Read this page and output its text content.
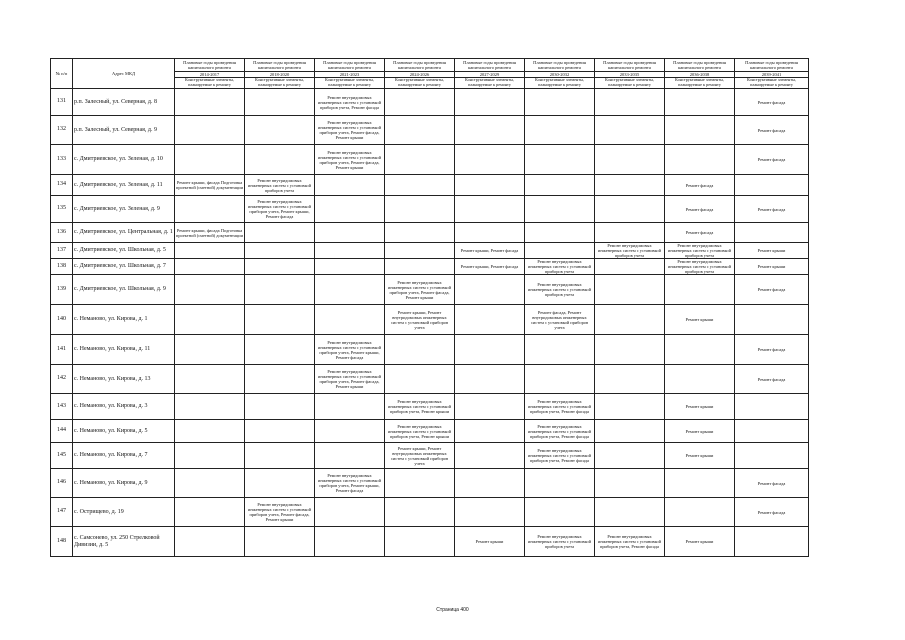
№ п/п	Адрес МКД	Плановые годы проведения капитального ремонта	Плановые годы проведения капитального ремонта	Плановые годы проведения капитального ремонта	Плановые годы проведения капитального ремонта	Плановые годы проведения капитального ремонта	Плановые годы проведения капитального ремонта	Плановые годы проведения капитального ремонта	Плановые годы проведения капитального ремонта	Плановые годы проведения капитального ремонта
		2014-2017	2018-2020	2021-2023	2024-2026	2027-2029	2030-2032	2033-2035	2036-2038	2039-2041
		Конструктивные элементы, планируемые к ремонту	Конструктивные элементы, планируемые к ремонту	Конструктивные элементы, планируемые к ремонту	Конструктивные элементы, планируемые к ремонту	Конструктивные элементы, планируемые к ремонту	Конструктивные элементы, планируемые к ремонту	Конструктивные элементы, планируемые к ремонту	Конструктивные элементы, планируемые к ремонту	Конструктивные элементы, планируемые к ремонту
131	р.п. Залесный, ул. Северная, д. 8			Ремонт внутридомовых инженерных систем с установкой приборов учета, Ремонт фасада						Ремонт фасада
132	р.п. Залесный, ул. Северная, д. 9			Ремонт внутридомовых инженерных систем с установкой приборов учета, Ремонт фасада, Ремонт крыши						Ремонт фасада
133	с. Дмитриевское, ул. Зеленая, д. 10			Ремонт внутридомовых инженерных систем с установкой приборов учета, Ремонт фасада, Ремонт крыши						Ремонт фасада
134	с. Дмитриевское, ул. Зеленая, д. 11	Ремонт крыши, фасада Подготовка проектной (сметной) документации	Ремонт внутридомовых инженерных систем с установкой приборов учета						Ремонт фасада	
135	с. Дмитриевское, ул. Зеленая, д. 9		Ремонт внутридомовых инженерных систем с установкой приборов учета, Ремонт крыши, Ремонт фасада						Ремонт фасада	Ремонт фасада
136	с. Дмитриевское, ул. Центральная, д. 1	Ремонт крыши, фасада Подготовка проектной (сметной) документации							Ремонт фасада	
137	с. Дмитриевское, ул. Школьная, д. 5					Ремонт крыши, Ремонт фасада		Ремонт внутридомовых инженерных систем с установкой приборов учета	Ремонт внутридомовых инженерных систем с установкой приборов учета	Ремонт крыши
138	с. Дмитриевское, ул. Школьная, д. 7					Ремонт крыши, Ремонт фасада	Ремонт внутридомовых инженерных систем с установкой приборов учета		Ремонт внутридомовых инженерных систем с установкой приборов учета	Ремонт крыши
139	с. Дмитриевское, ул. Школьная, д. 9				Ремонт внутридомовых инженерных систем с установкой приборов учета, Ремонт фасада, Ремонт крыши		Ремонт внутридомовых инженерных систем с установкой приборов учета			Ремонт фасада
140	с. Неманово, ул. Кирова, д. 1				Ремонт крыши, Ремонт внутридомовых инженерных систем с установкой приборов учета		Ремонт фасада, Ремонт внутридомовых инженерных систем с установкой приборов учета		Ремонт крыши	
141	с. Неманово, ул. Кирова, д. 11			Ремонт внутридомовых инженерных систем с установкой приборов учета, Ремонт крыши, Ремонт фасада						Ремонт фасада
142	с. Неманово, ул. Кирова, д. 13			Ремонт внутридомовых инженерных систем с установкой приборов учета, Ремонт фасада, Ремонт крыши						Ремонт фасада
143	с. Неманово, ул. Кирова, д. 3				Ремонт внутридомовых инженерных систем с установкой приборов учета, Ремонт крыши		Ремонт внутридомовых инженерных систем с установкой приборов учета, Ремонт фасада		Ремонт крыши	
144	с. Неманово, ул. Кирова, д. 5				Ремонт внутридомовых инженерных систем с установкой приборов учета, Ремонт крыши		Ремонт внутридомовых инженерных систем с установкой приборов учета, Ремонт фасада		Ремонт крыши	
145	с. Неманово, ул. Кирова, д. 7				Ремонт крыши, Ремонт внутридомовых инженерных систем с установкой приборов учета		Ремонт внутридомовых инженерных систем с установкой приборов учета, Ремонт фасада		Ремонт крыши	
146	с. Неманово, ул. Кирова, д. 9			Ремонт внутридомовых инженерных систем с установкой приборов учета, Ремонт крыши, Ремонт фасада						Ремонт фасада
147	с. Острищево, д. 19		Ремонт внутридомовых инженерных систем с установкой приборов учета, Ремонт фасада, Ремонт крыши							Ремонт фасада
148	с. Самсонево, ул. 250 Стрелковой Дивизии, д. 5					Ремонт крыши	Ремонт внутридомовых инженерных систем с установкой приборов учета	Ремонт внутридомовых инженерных систем с установкой приборов учета, Ремонт фасада	Ремонт крыши	
Страница 400
